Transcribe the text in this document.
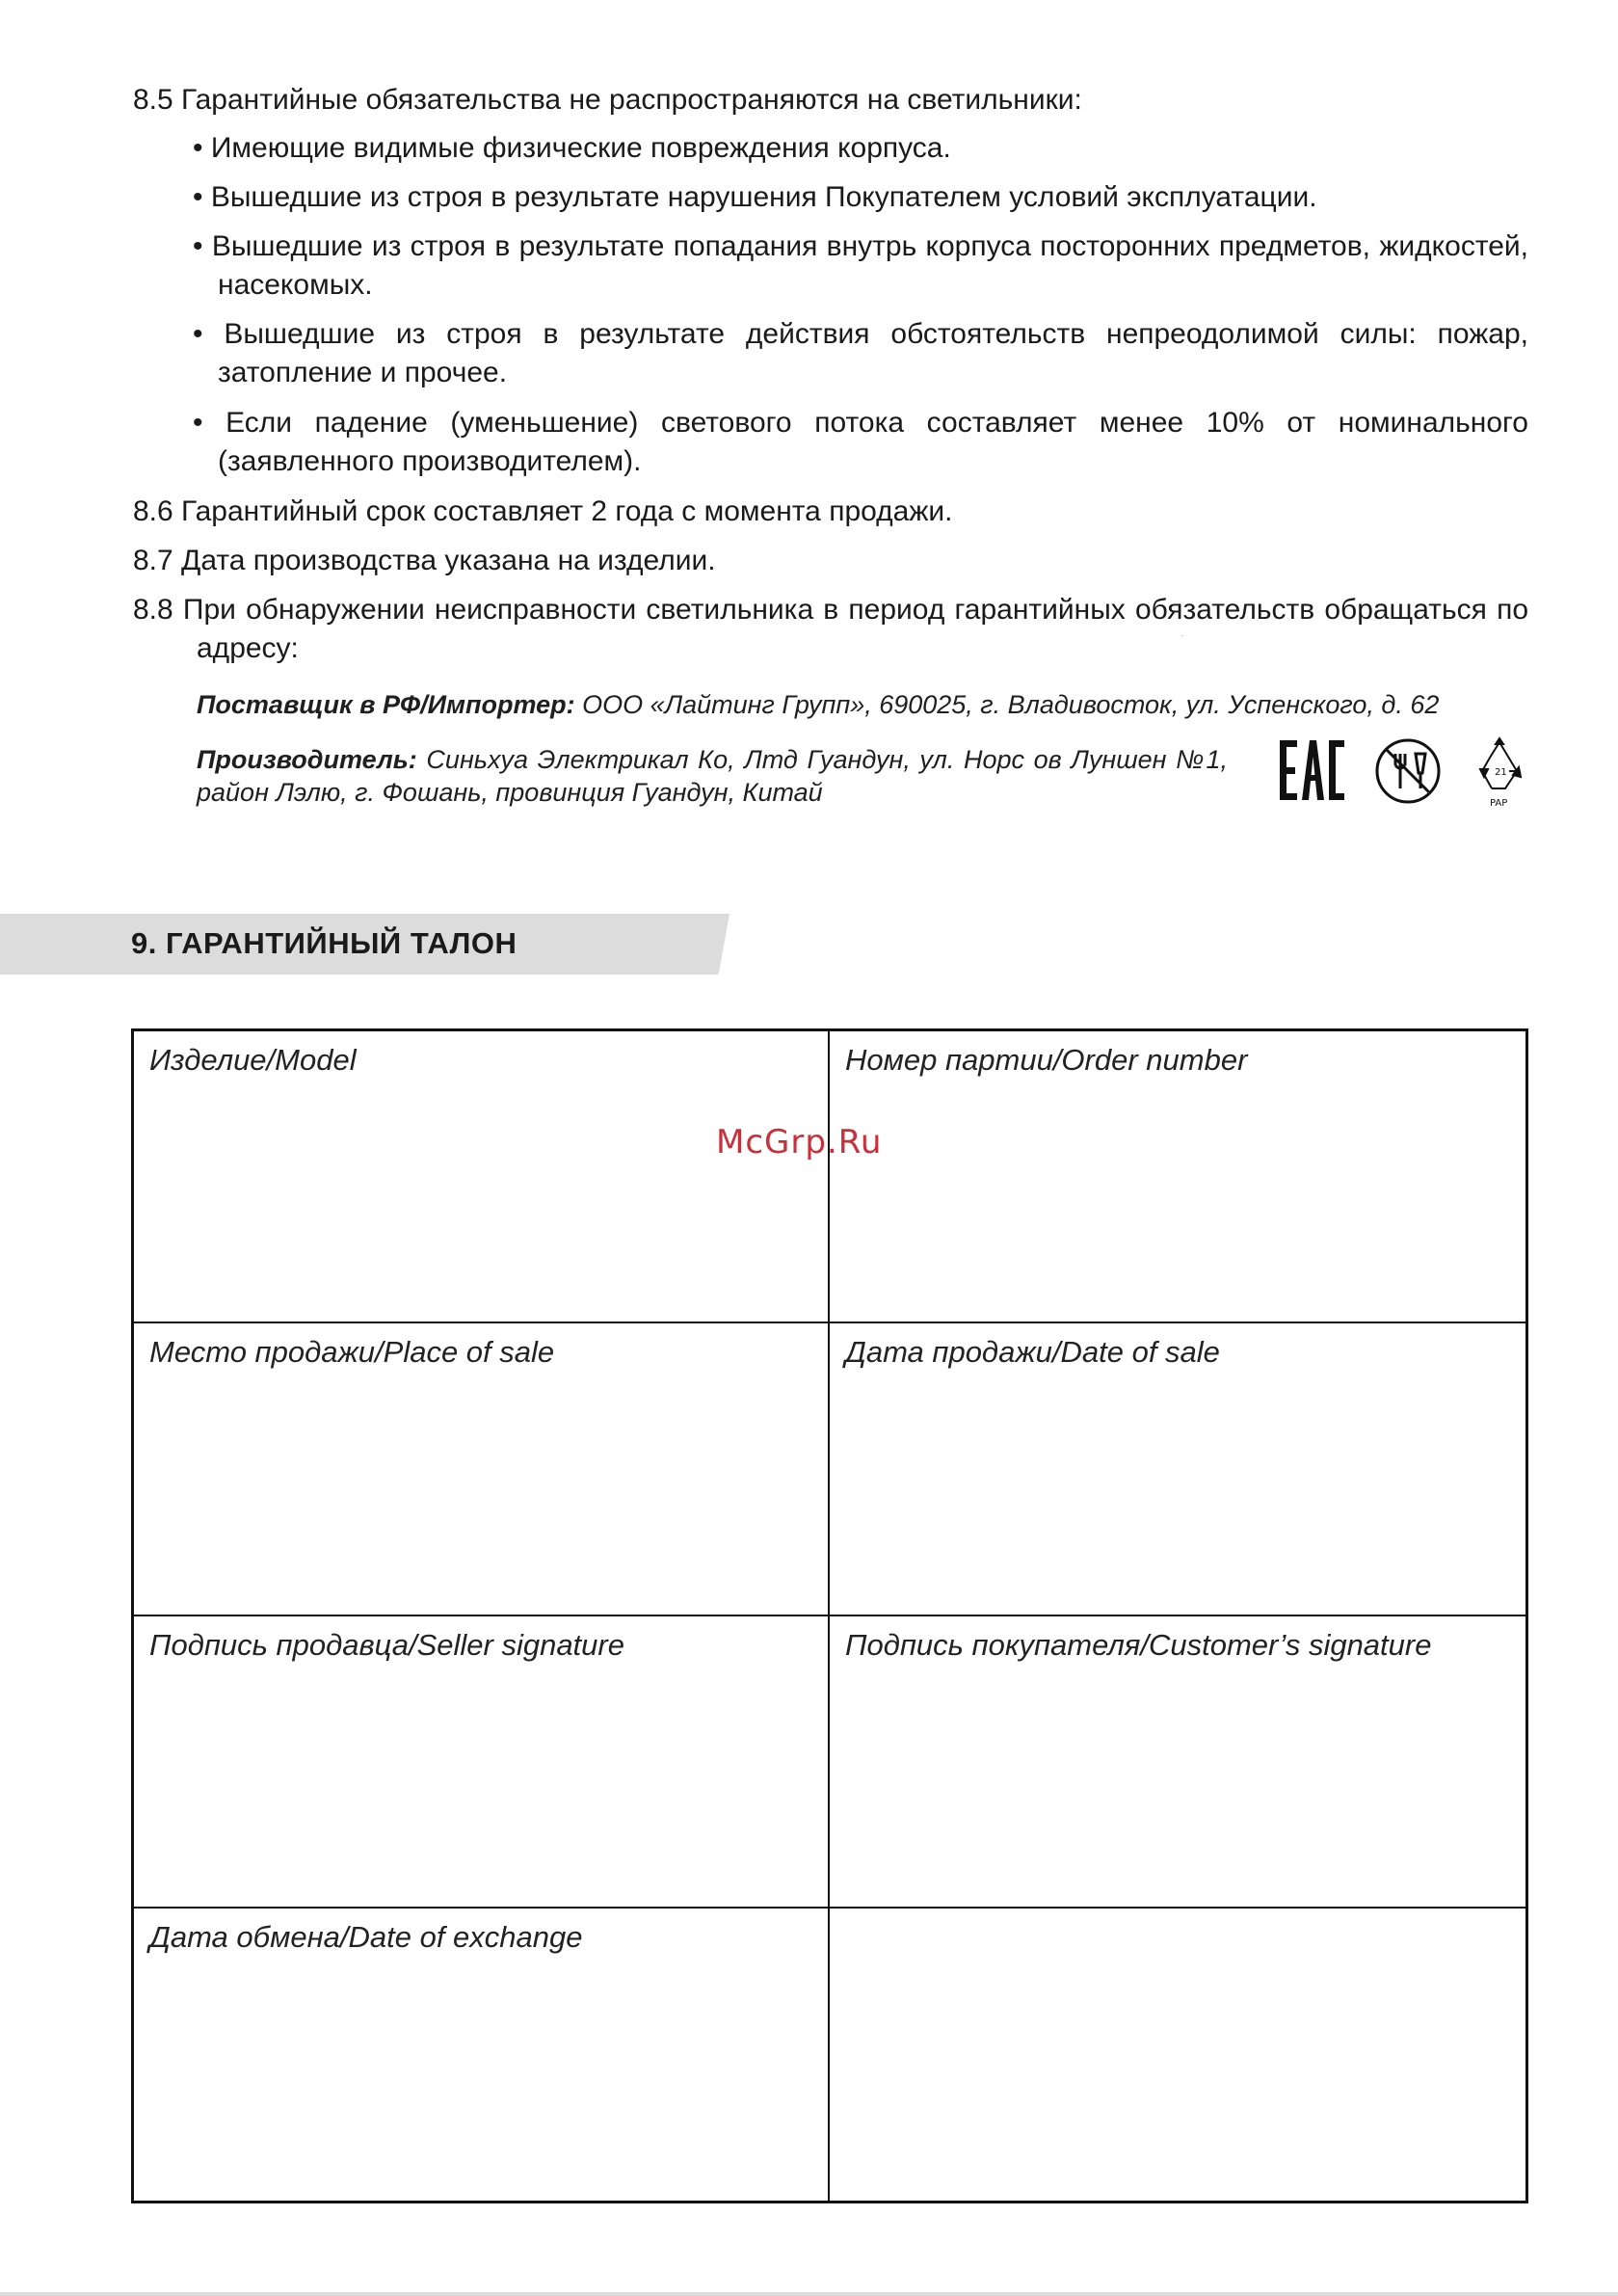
8.5 Гарантийные обязательства не распространяются на светильники:
• Имеющие видимые физические повреждения корпуса.
• Вышедшие из строя в результате нарушения Покупателем условий эксплуатации.
• Вышедшие из строя в результате попадания внутрь корпуса посторонних предметов, жидкостей, насекомых.
• Вышедшие из строя в результате действия обстоятельств непреодолимой силы: пожар, затопление и прочее.
• Если падение (уменьшение) светового потока составляет менее 10% от номинального (заявленного производителем).
8.6 Гарантийный срок составляет 2 года с момента продажи.
8.7 Дата производства указана на изделии.
8.8 При обнаружении неисправности светильника в период гарантийных обязательств обращаться по адресу:
Поставщик в РФ/Импортер: ООО «Лайтинг Групп», 690025, г. Владивосток, ул. Успенского, д. 62
Производитель: Синьхуа Электрикал Ко, Лтд Гуандун, ул. Норс ов Луншен №1, район Лэлю, г. Фошань, провинция Гуандун, Китай
EAC
21
PAP
9. ГАРАНТИЙНЫЙ ТАЛОН
Изделие/Model	Номер партии/Order number
Место продажи/Place of sale	Дата продажи/Date of sale
Подпись продавца/Seller signature	Подпись покупателя/Customer’s signature
Дата обмена/Date of exchange
McGrp.Ru
